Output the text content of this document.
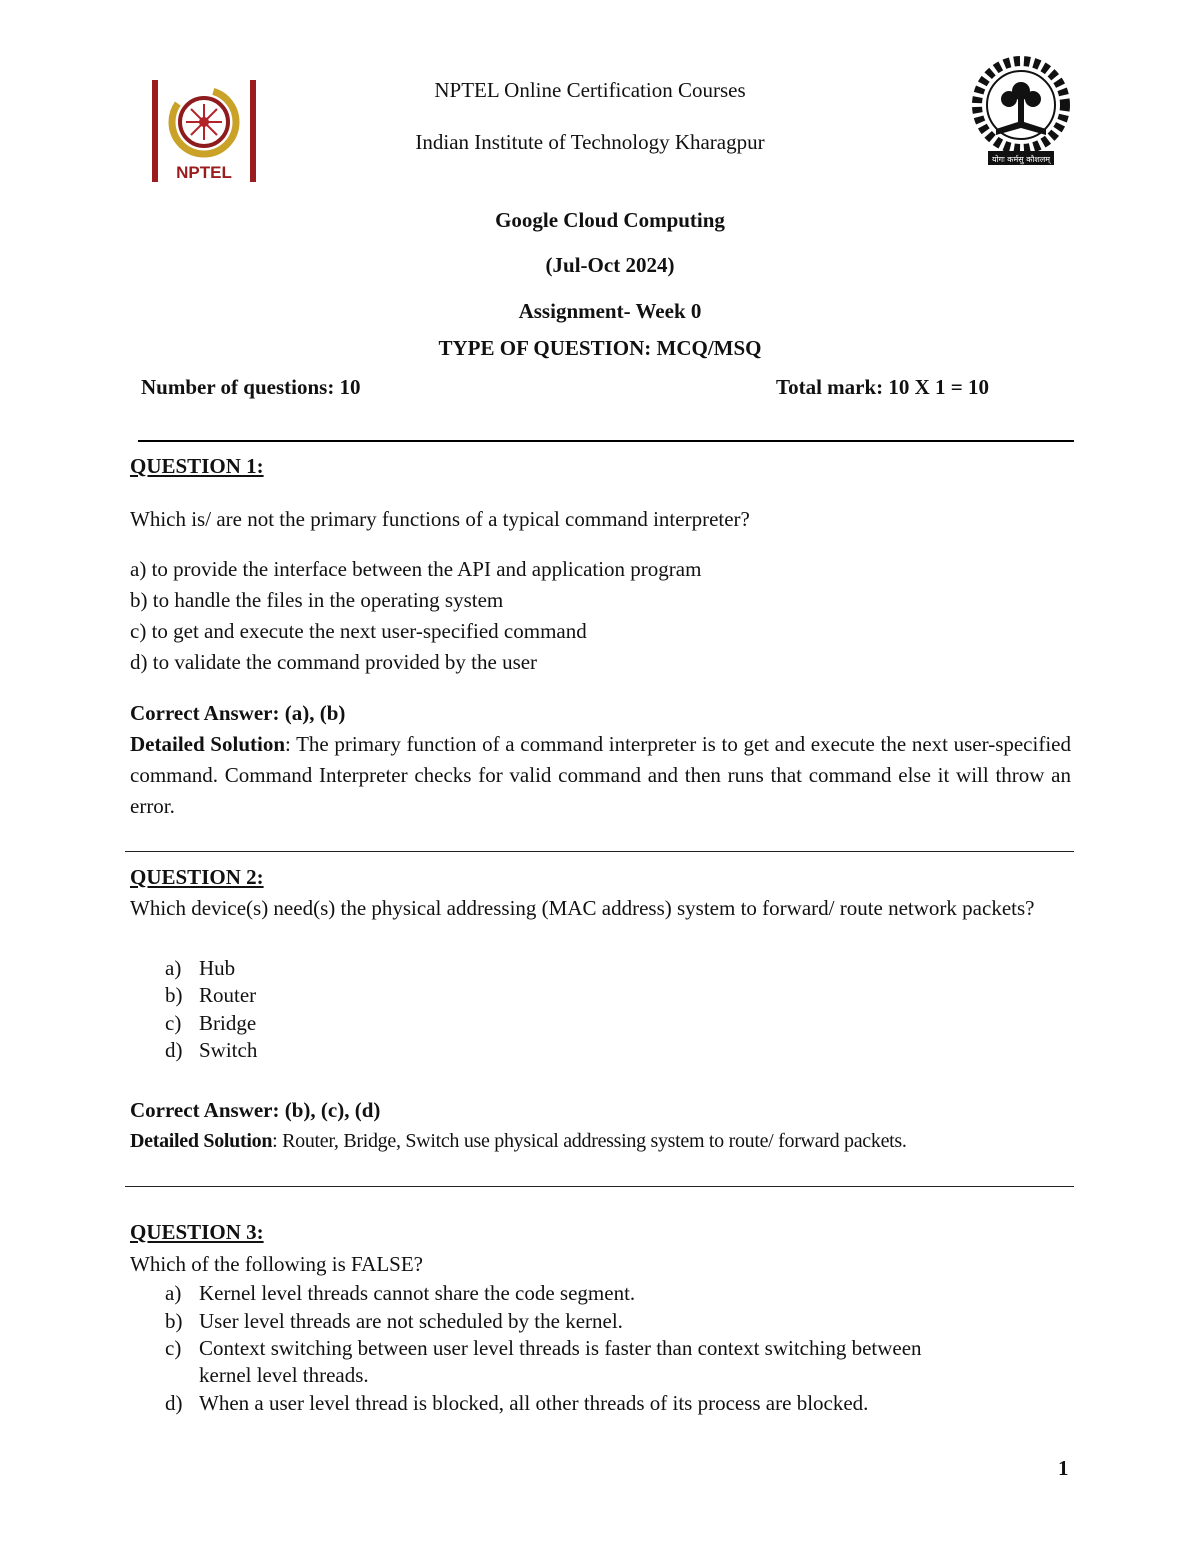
NPTEL
योगः कर्मसु कौशलम्
NPTEL Online Certification Courses
Indian Institute of Technology Kharagpur
Google Cloud Computing
(Jul-Oct 2024)
Assignment- Week 0
TYPE OF QUESTION: MCQ/MSQ
Number of questions: 10	Total mark: 10 X 1 = 10
QUESTION 1:
Which is/ are not the primary functions of a typical command interpreter?
a) to provide the interface between the API and application program
b) to handle the files in the operating system
c) to get and execute the next user-specified command
d) to validate the command provided by the user
Correct Answer: (a), (b)
Detailed Solution: The primary function of a command interpreter is to get and execute the next user-specified command. Command Interpreter checks for valid command and then runs that command else it will throw an error.
QUESTION 2:
Which device(s) need(s) the physical addressing (MAC address) system to forward/ route network packets?
a) Hub
b) Router
c) Bridge
d) Switch
Correct Answer: (b), (c), (d)
Detailed Solution: Router, Bridge, Switch use physical addressing system to route/ forward packets.
QUESTION 3:
Which of the following is FALSE?
a) Kernel level threads cannot share the code segment.
b) User level threads are not scheduled by the kernel.
c) Context switching between user level threads is faster than context switching between
kernel level threads.
d) When a user level thread is blocked, all other threads of its process are blocked.
1
